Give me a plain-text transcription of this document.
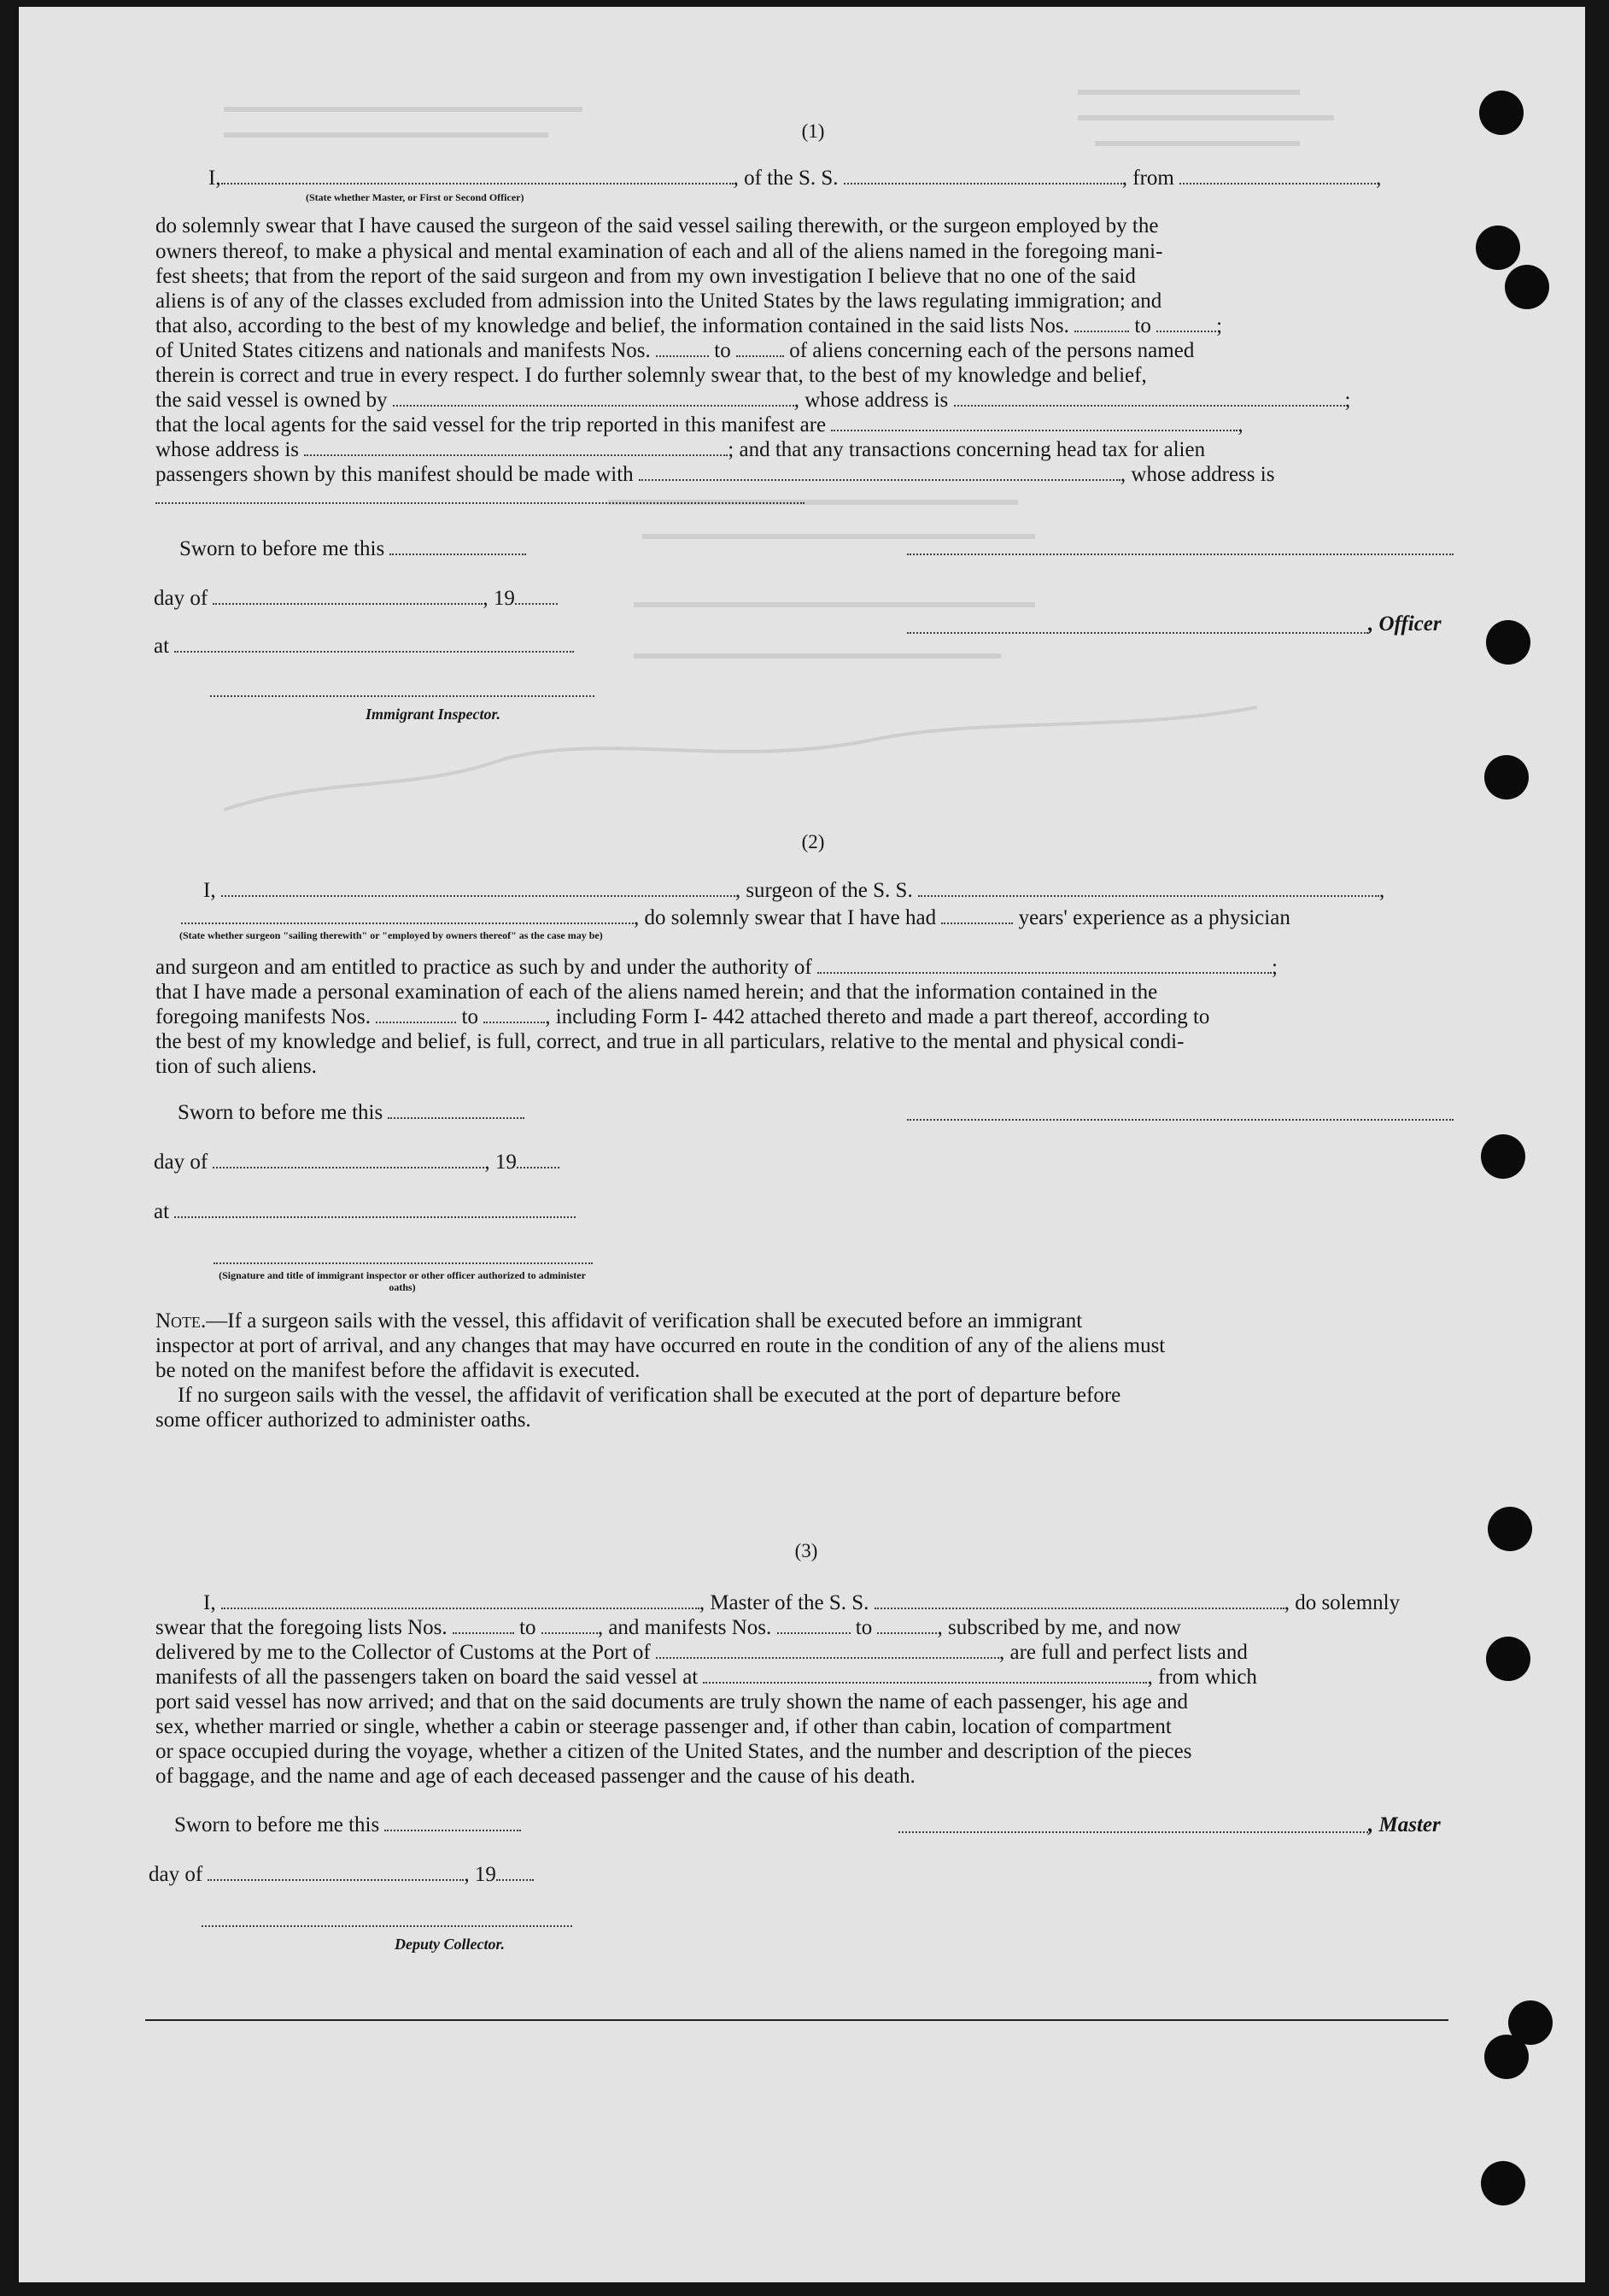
(1)
I,	, of the S. S.	, from	,
(State whether Master, or First or Second Officer)
do solemnly swear that I have caused the surgeon of the said vessel sailing therewith, or the surgeon employed by the
owners thereof, to make a physical and mental examination of each and all of the aliens named in the foregoing mani-
fest sheets; that from the report of the said surgeon and from my own investigation I believe that no one of the said
aliens is of any of the classes excluded from admission into the United States by the laws regulating immigration; and
that also, according to the best of my knowledge and belief, the information contained in the said lists Nos.	to	;
of United States citizens and nationals and manifests Nos.	to	of aliens concerning each of the persons named
therein is correct and true in every respect. I do further solemnly swear that, to the best of my knowledge and belief,
the said vessel is owned by	, whose address is	;
that the local agents for the said vessel for the trip reported in this manifest are	,
whose address is	; and that any transactions concerning head tax for alien
passengers shown by this manifest should be made with	, whose address is
Sworn to before me this
day of	, 19
at
, Officer
Immigrant Inspector.
(2)
I,	, surgeon of the S. S.	,
, do solemnly swear that I have had	years' experience as a physician
(State whether surgeon "sailing therewith" or "employed by owners thereof" as the case may be)
and surgeon and am entitled to practice as such by and under the authority of	;
that I have made a personal examination of each of the aliens named herein; and that the information contained in the
foregoing manifests Nos.	to	, including Form I- 442 attached thereto and made a part thereof, according to
the best of my knowledge and belief, is full, correct, and true in all particulars, relative to the mental and physical condi-
tion of such aliens.
Sworn to before me this
day of	, 19
at
(Signature and title of immigrant inspector or other officer authorized to administer oaths)
Note.—If a surgeon sails with the vessel, this affidavit of verification shall be executed before an immigrant
inspector at port of arrival, and any changes that may have occurred en route in the condition of any of the aliens must
be noted on the manifest before the affidavit is executed.
If no surgeon sails with the vessel, the affidavit of verification shall be executed at the port of departure before
some officer authorized to administer oaths.
(3)
I,	, Master of the S. S.	, do solemnly
swear that the foregoing lists Nos.	to	, and manifests Nos.	to	, subscribed by me, and now
delivered by me to the Collector of Customs at the Port of	, are full and perfect lists and
manifests of all the passengers taken on board the said vessel at	, from which
port said vessel has now arrived; and that on the said documents are truly shown the name of each passenger, his age and
sex, whether married or single, whether a cabin or steerage passenger and, if other than cabin, location of compartment
or space occupied during the voyage, whether a citizen of the United States, and the number and description of the pieces
of baggage, and the name and age of each deceased passenger and the cause of his death.
Sworn to before me this	, Master
day of	, 19
Deputy Collector.
